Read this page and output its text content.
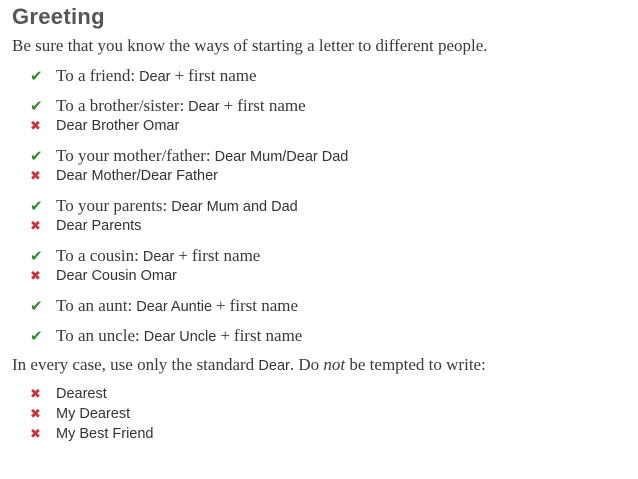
Greeting
Be sure that you know the ways of starting a letter to different people.
✔ To a friend: Dear + first name
✔ To a brother/sister: Dear + first name
✖	Dear Brother Omar
✔ To your mother/father: Dear Mum/Dear Dad
✖	Dear Mother/Dear Father
✔ To your parents: Dear Mum and Dad
✖	Dear Parents
✔ To a cousin: Dear + first name
✖	Dear Cousin Omar
✔ To an aunt: Dear Auntie + first name
✔ To an uncle: Dear Uncle + first name
In every case, use only the standard Dear. Do not be tempted to write:
✖	Dearest
✖	My Dearest
✖	My Best Friend
